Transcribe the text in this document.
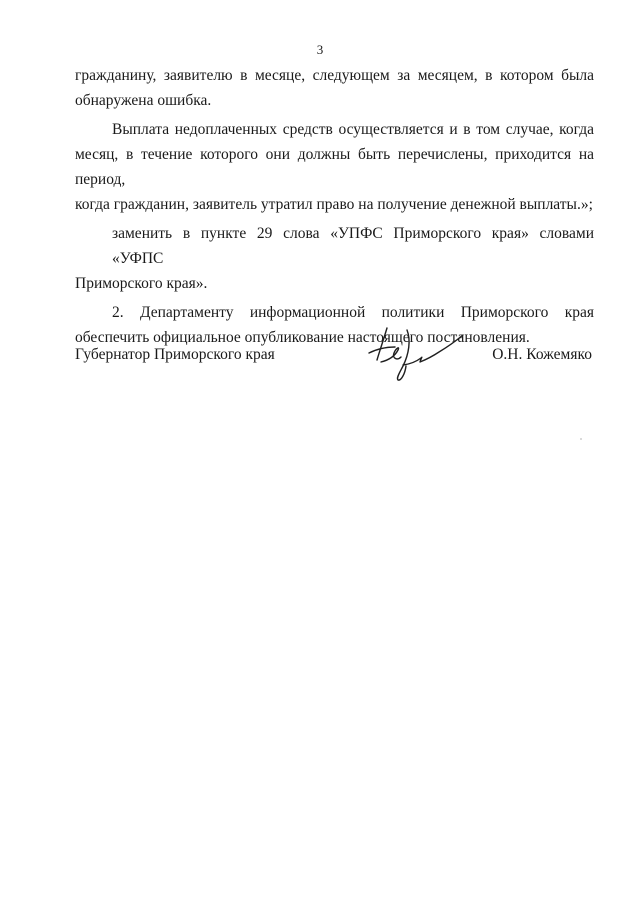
3

гражданину, заявителю в месяце, следующем за месяцем, в котором была
обнаружена ошибка.

Выплата недоплаченных средств осуществляется и в том случае, когда
месяц, в течение которого они должны быть перечислены, приходится на период,
когда гражданин, заявитель утратил право на получение денежной выплаты.»;

заменить в пункте 29 слова «УПФС Приморского края» словами «УФПС
Приморского края».

2. Департаменту информационной политики Приморского края
обеспечить официальное опубликование настоящего постановления.

Губернатор Приморского края	О.Н. Кожемяко
